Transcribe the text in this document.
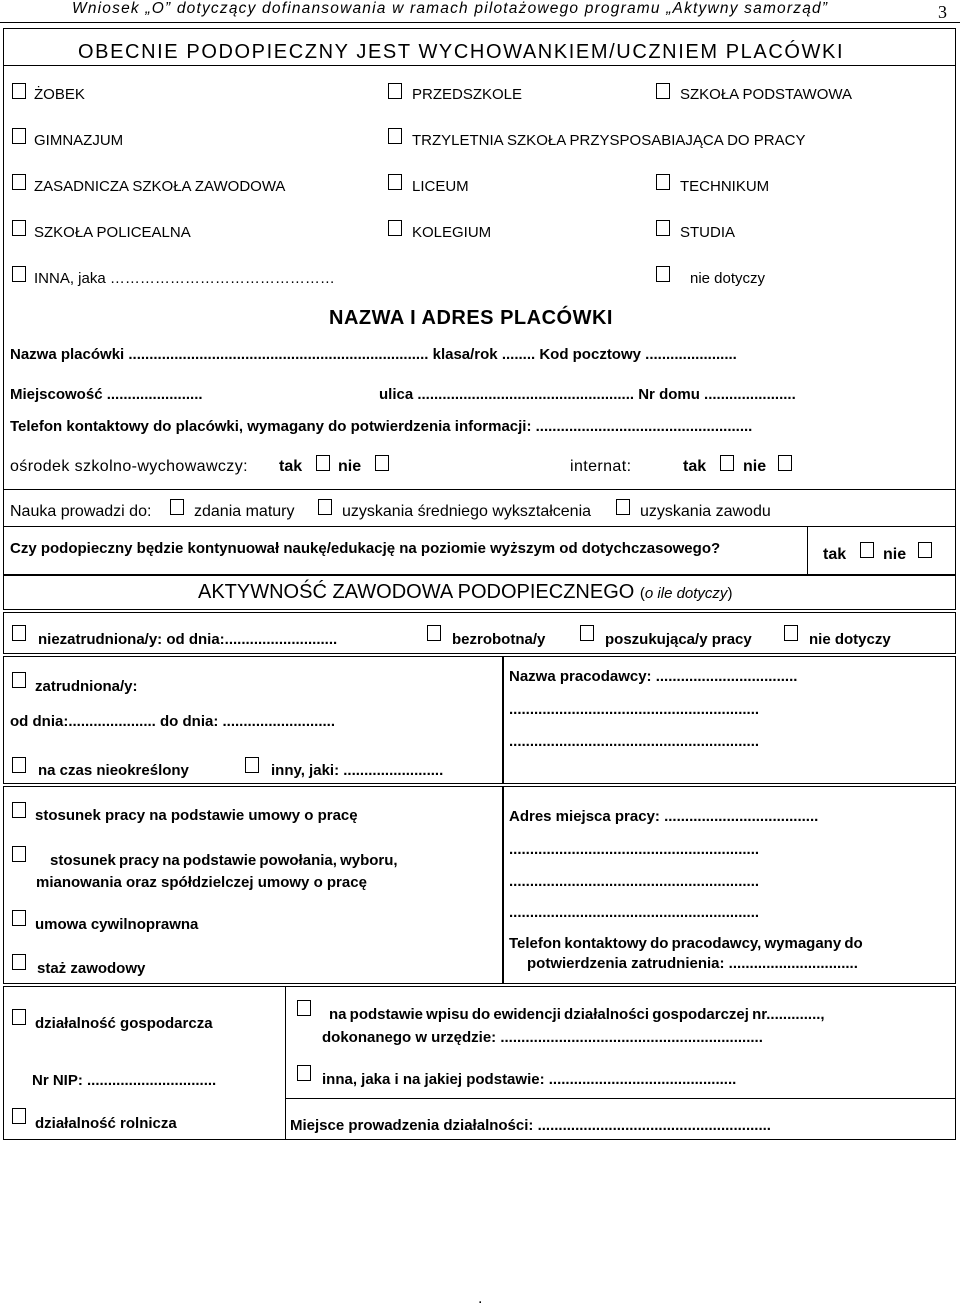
Wniosek „O” dotyczący dofinansowania w ramach pilotażowego programu „Aktywny samorząd”	3
OBECNIE PODOPIECZNY JEST WYCHOWANKIEM/UCZNIEM PLACÓWKI
ŻOBEK	PRZEDSZKOLE	SZKOŁA PODSTAWOWA
GIMNAZJUM	TRZYLETNIA SZKOŁA PRZYSPOSABIAJĄCA DO PRACY
ZASADNICZA SZKOŁA ZAWODOWA	LICEUM	TECHNIKUM
SZKOŁA POLICEALNA	KOLEGIUM	STUDIA
INNA, jaka ………………………………………	nie dotyczy
NAZWA I ADRES PLACÓWKI
Nazwa placówki ........................................................................ klasa/rok ........ Kod pocztowy ......................
Miejscowość .......................	ulica .................................................... Nr domu ......................
Telefon kontaktowy do placówki, wymagany do potwierdzenia informacji: ....................................................
ośrodek szkolno-wychowawczy: tak nie	internat:	tak nie
Nauka prowadzi do:	zdania matury	uzyskania średniego wykształcenia	uzyskania zawodu
Czy podopieczny będzie kontynuował naukę/edukację na poziomie wyższym od dotychczasowego?	tak nie
AKTYWNOŚĆ ZAWODOWA PODOPIECZNEGO (o ile dotyczy)
niezatrudniona/y: od dnia:...........................	bezrobotna/y	poszukująca/y pracy	nie dotyczy
zatrudniona/y:
od dnia:..................... do dnia: ...........................
na czas nieokreślony	inny, jaki: ........................
Nazwa pracodawcy: ..................................
............................................................
............................................................
stosunek pracy na podstawie umowy o pracę
stosunek pracy na podstawie powołania, wyboru,
mianowania oraz spółdzielczej umowy o pracę
umowa cywilnoprawna
staż zawodowy
Adres miejsca pracy: .....................................
............................................................
............................................................
............................................................
Telefon kontaktowy do pracodawcy, wymagany do
potwierdzenia zatrudnienia: ...............................
działalność gospodarcza
Nr NIP: ...............................
działalność rolnicza
na podstawie wpisu do ewidencji działalności gospodarczej nr.............,
dokonanego w urzędzie: ...............................................................
inna, jaka i na jakiej podstawie: .............................................
Miejsce prowadzenia działalności: ........................................................
.
